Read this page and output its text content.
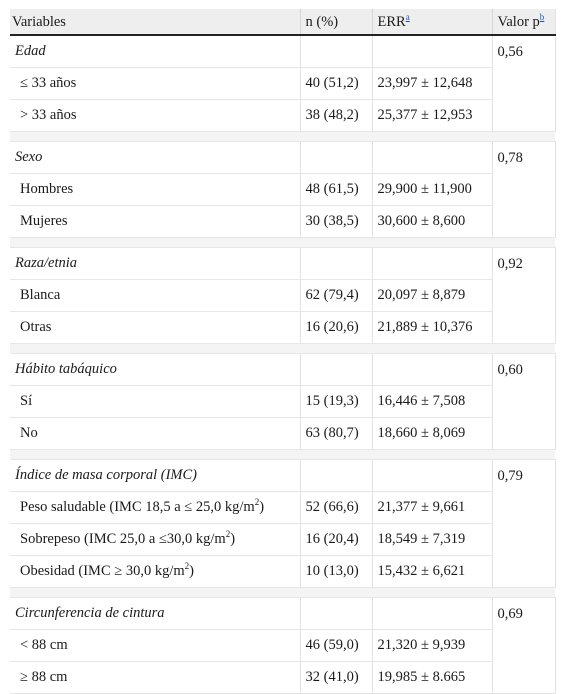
Variables	n (%)	ERR$^a$	Valor p$^b$
Edad			0,56
≤ 33 años	40 (51,2)	23,997 ± 12,648	
> 33 años	38 (48,2)	25,377 ± 12,953	

Sexo			0,78
Hombres	48 (61,5)	29,900 ± 11,900	
Mujeres	30 (38,5)	30,600 ± 8,600	

Raza/etnia			0,92
Blanca	62 (79,4)	20,097 ± 8,879	
Otras	16 (20,6)	21,889 ± 10,376	

Hábito tabáquico			0,60
Sí	15 (19,3)	16,446 ± 7,508	
No	63 (80,7)	18,660 ± 8,069	

Índice de masa corporal (IMC)			0,79
Peso saludable (IMC 18,5 a ≤ 25,0 $kg/m^2$)	52 (66,6)	21,377 ± 9,661	
Sobrepeso (IMC 25,0 a ≤30,0 $kg/m^2$)	16 (20,4)	18,549 ± 7,319	
Obesidad (IMC ≥ 30,0 $kg/m^2$)	10 (13,0)	15,432 ± 6,621	

Circunferencia de cintura			0,69
< 88 cm	46 (59,0)	21,320 ± 9,939	
≥ 88 cm	32 (41,0)	19,985 ± 8.665	
